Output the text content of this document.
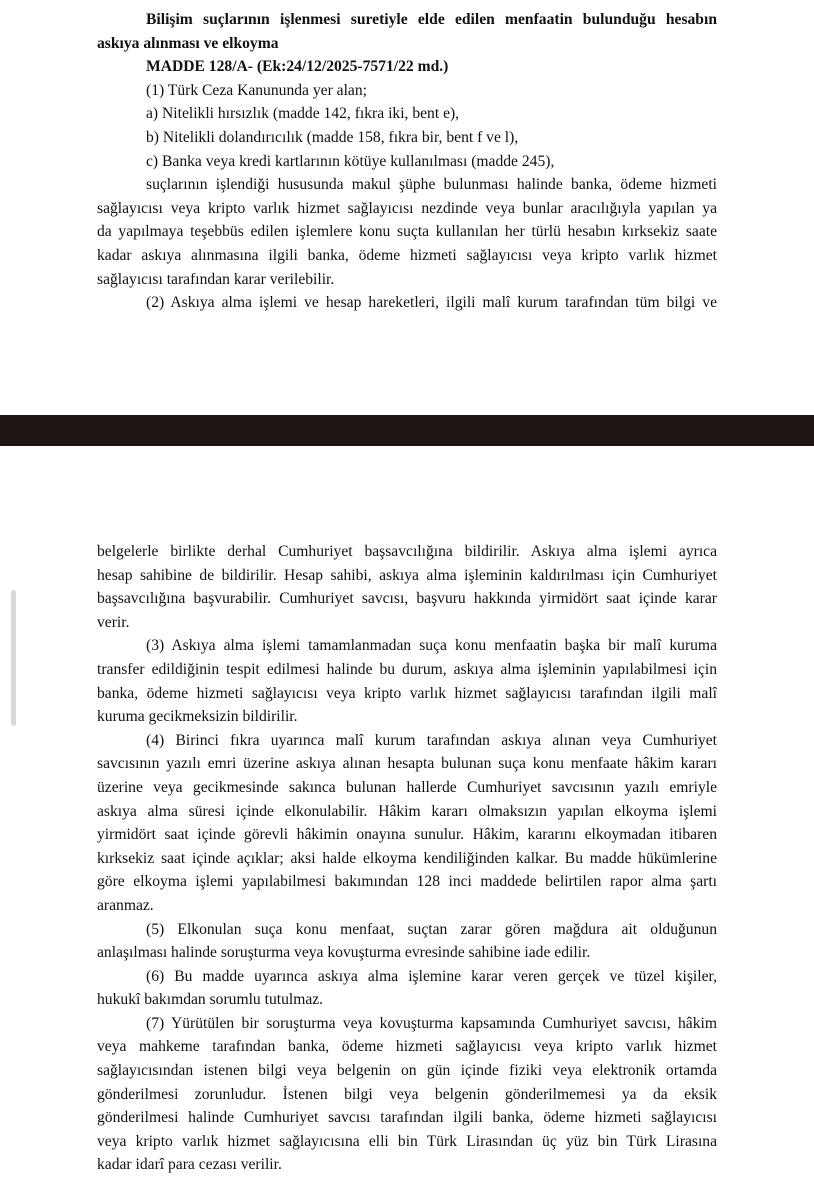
Bilişim suçlarının işlenmesi suretiyle elde edilen menfaatin bulunduğu hesabın

askıya alınması ve elkoyma

MADDE 128/A- (Ek:24/12/2025-7571/22 md.)

(1) Türk Ceza Kanununda yer alan;

a) Nitelikli hırsızlık (madde 142, fıkra iki, bent e),

b) Nitelikli dolandırıcılık (madde 158, fıkra bir, bent f ve l),

c) Banka veya kredi kartlarının kötüye kullanılması (madde 245),

suçlarının işlendiği hususunda makul şüphe bulunması halinde banka, ödeme hizmeti

sağlayıcısı veya kripto varlık hizmet sağlayıcısı nezdinde veya bunlar aracılığıyla yapılan ya

da yapılmaya teşebbüs edilen işlemlere konu suçta kullanılan her türlü hesabın kırksekiz saate

kadar askıya alınmasına ilgili banka, ödeme hizmeti sağlayıcısı veya kripto varlık hizmet

sağlayıcısı tarafından karar verilebilir.

(2) Askıya alma işlemi ve hesap hareketleri, ilgili malî kurum tarafından tüm bilgi ve

belgelerle birlikte derhal Cumhuriyet başsavcılığına bildirilir. Askıya alma işlemi ayrıca

hesap sahibine de bildirilir. Hesap sahibi, askıya alma işleminin kaldırılması için Cumhuriyet

başsavcılığına başvurabilir. Cumhuriyet savcısı, başvuru hakkında yirmidört saat içinde karar

verir.

(3) Askıya alma işlemi tamamlanmadan suça konu menfaatin başka bir malî kuruma

transfer edildiğinin tespit edilmesi halinde bu durum, askıya alma işleminin yapılabilmesi için

banka, ödeme hizmeti sağlayıcısı veya kripto varlık hizmet sağlayıcısı tarafından ilgili malî

kuruma gecikmeksizin bildirilir.

(4) Birinci fıkra uyarınca malî kurum tarafından askıya alınan veya Cumhuriyet

savcısının yazılı emri üzerine askıya alınan hesapta bulunan suça konu menfaate hâkim kararı

üzerine veya gecikmesinde sakınca bulunan hallerde Cumhuriyet savcısının yazılı emriyle

askıya alma süresi içinde elkonulabilir. Hâkim kararı olmaksızın yapılan elkoyma işlemi

yirmidört saat içinde görevli hâkimin onayına sunulur. Hâkim, kararını elkoymadan itibaren

kırksekiz saat içinde açıklar; aksi halde elkoyma kendiliğinden kalkar. Bu madde hükümlerine

göre elkoyma işlemi yapılabilmesi bakımından 128 inci maddede belirtilen rapor alma şartı

aranmaz.

(5) Elkonulan suça konu menfaat, suçtan zarar gören mağdura ait olduğunun

anlaşılması halinde soruşturma veya kovuşturma evresinde sahibine iade edilir.

(6) Bu madde uyarınca askıya alma işlemine karar veren gerçek ve tüzel kişiler,

hukukî bakımdan sorumlu tutulmaz.

(7) Yürütülen bir soruşturma veya kovuşturma kapsamında Cumhuriyet savcısı, hâkim

veya mahkeme tarafından banka, ödeme hizmeti sağlayıcısı veya kripto varlık hizmet

sağlayıcısından istenen bilgi veya belgenin on gün içinde fiziki veya elektronik ortamda

gönderilmesi zorunludur. İstenen bilgi veya belgenin gönderilmemesi ya da eksik

gönderilmesi halinde Cumhuriyet savcısı tarafından ilgili banka, ödeme hizmeti sağlayıcısı

veya kripto varlık hizmet sağlayıcısına elli bin Türk Lirasından üç yüz bin Türk Lirasına

kadar idarî para cezası verilir.
